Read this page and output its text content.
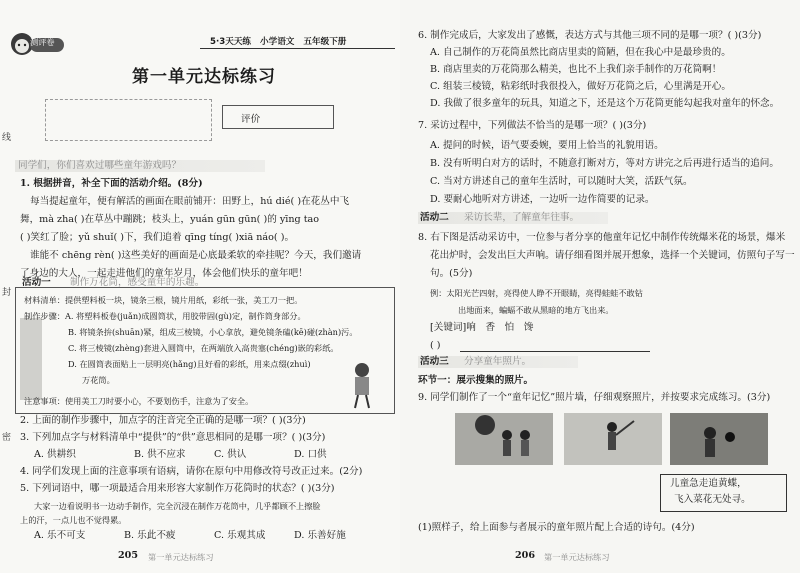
测评卷	5·3天天练 小学语文 五年级下册
第一单元达标练习
评价
线
封
密
同学们，你们喜欢过哪些童年游戏吗？
1. 根据拼音，补全下面的活动介绍。(8分)
每当提起童年，便有解活的画面在眼前铺开：田野上，hú dié( )在花丛中飞
舞，mà zha( )在草丛中蹦跳；枝头上，yuán gūn gūn( )的 yīng tao
( )笑红了脸；yǔ shuǐ( )下，我们追着 qīng tíng( )xiā náo( )。
谁能不 chēng rèn( )这些美好的画面是心底最柔软的牵挂呢？今天，我们邀请
了身边的大人，一起走进他们的童年岁月，体会他们快乐的童年吧！
活动一 制作万花筒，感受童年的乐趣。
材料清单：提供塑料板一块，镜条三根，镜片用纸，彩纸一张，美工刀一把。
制作步骤：A. 将塑料板卷(juǎn)成圆筒状，用胶带固(gù)定，制作筒身部分。
B. 将镜条拚(shuān)紧，组成三棱镜，小心拿放，避免镜条磕(kē)碰(zhàn)污。
C. 将三棱镜(zhèng)套进入圆筒中，在两端放入高贵塞(chéng)嵌的彩纸。
D. 在圆筒表面贴上一层明亮(hǎng)且好看的彩纸，用来点缀(zhuì)
万花筒。
注意事项：使用美工刀时要小心，不要划伤手，注意为了安全。
2. 上面的制作步骤中，加点字的注音完全正确的是哪一项？( )(3分)
3. 下列加点字与材料清单中“提供”的“供”意思相同的是哪一项？( )(3分)
A. 供耕织	B. 供不应求	C. 供认	D. 口供
4. 同学们发现上面的注意事项有语病，请你在原句中用修改符号改正过来。(2分)
5. 下列词语中，哪一项最适合用来形容大家制作万花筒时的状态？( )(3分)
大家一边看说明书一边动手制作，完全沉浸在制作万花筒中，几乎都顾不上擦脸
上的汗，一点儿也不觉得累。
A. 乐不可支	B. 乐此不疲	C. 乐观其成	D. 乐善好施
205 第一单元达标练习
6. 制作完成后，大家发出了感慨，表达方式与其他三项不同的是哪一项？( )(3分)
A. 自己制作的万花筒虽然比商店里卖的简陋，但在我心中是最珍贵的。
B. 商店里卖的万花筒那么精美，也比不上我们亲手制作的万花筒啊！
C. 组装三棱镜，粘彩纸时我很投入，做好万花筒之后，心里满是开心。
D. 我做了很多童年的玩具，知道之下，还是这个万花筒更能勾起我对童年的怀念。
7. 采访过程中，下列做法不恰当的是哪一项？( )(3分)
A. 提问的时候，语气要委婉，要用上恰当的礼貌用语。
B. 没有听明白对方的话时，不随意打断对方，等对方讲完之后再进行适当的追问。
C. 当对方讲述自己的童年生活时，可以随时大笑，活跃气氛。
D. 要耐心地听对方讲述，一边听一边作简要的记录。
活动二 采访长辈，了解童年往事。
8. 右下图是活动采访中，一位参与者分享的他童年记忆中制作传统爆米花的场景，爆米
花出炉时，会发出巨大声响。请仔细看图并展开想象，选择一个关键词，仿照句子写一
句。(5分)
例：太阳光芒四射，亮得使人睁不开眼睛，亮得蛙蛙不敢钻
出地面来，蝙蝠不敢从黑暗的地方飞出来。
[关键词]响　香　怕　馋
( )
活动三 分享童年照片。
环节一：展示搜集的照片。
9. 同学们制作了一个“童年记忆”照片墙，仔细观察照片，并按要求完成练习。(3分)
儿童急走追黄蝶，
飞入菜花无处寻。
(1)照样子，给上面参与者展示的童年照片配上合适的诗句。(4分)
206 第一单元达标练习
